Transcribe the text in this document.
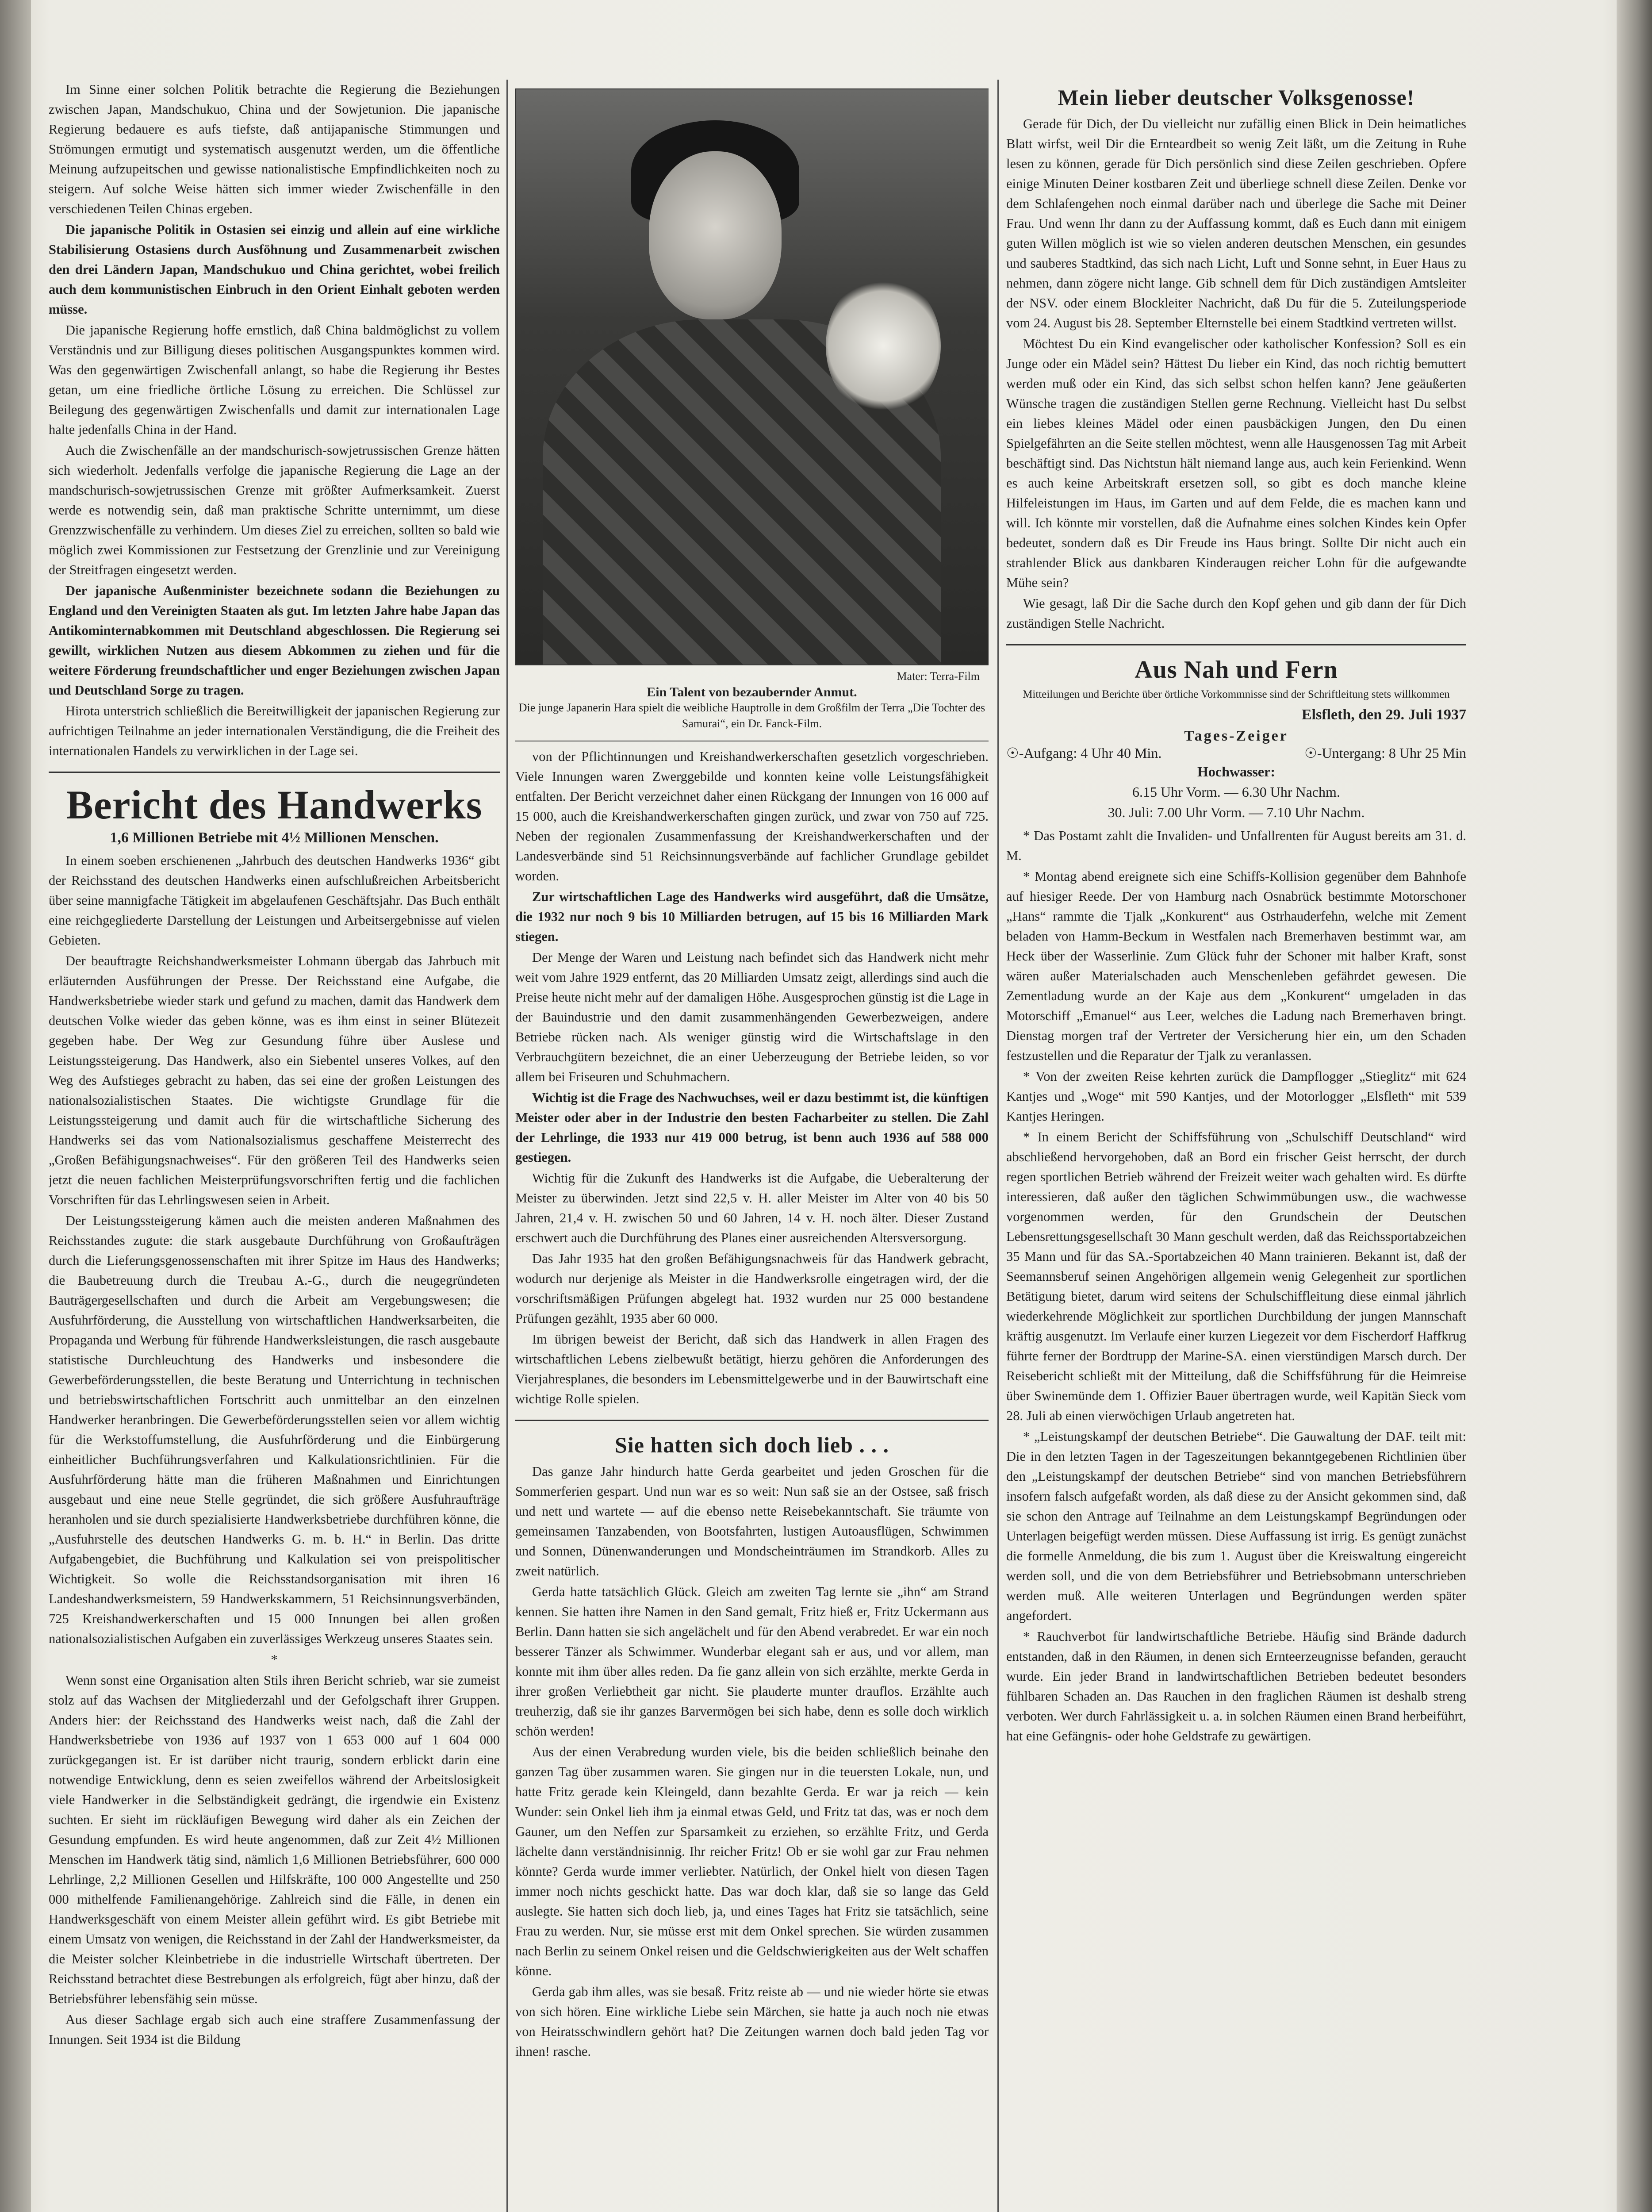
Im Sinne einer solchen Politik betrachte die Regierung die Beziehungen zwischen Japan, Mandschukuo, China und der Sowjetunion. Die japanische Regierung bedauere es aufs tiefste, daß antijapanische Stimmungen und Strömungen ermutigt und systematisch ausgenutzt werden, um die öffentliche Meinung aufzupeitschen und gewisse nationalistische Empfindlichkeiten noch zu steigern. Auf solche Weise hätten sich immer wieder Zwischenfälle in den verschiedenen Teilen Chinas ergeben.

Die japanische Politik in Ostasien sei einzig und allein auf eine wirkliche Stabilisierung Ostasiens durch Ausföhnung und Zusammenarbeit zwischen den drei Ländern Japan, Mandschukuo und China gerichtet, wobei freilich auch dem kommunistischen Einbruch in den Orient Einhalt geboten werden müsse.

Die japanische Regierung hoffe ernstlich, daß China baldmöglichst zu vollem Verständnis und zur Billigung dieses politischen Ausgangspunktes kommen wird. Was den gegenwärtigen Zwischenfall anlangt, so habe die Regierung ihr Bestes getan, um eine friedliche örtliche Lösung zu erreichen. Die Schlüssel zur Beilegung des gegenwärtigen Zwischenfalls und damit zur internationalen Lage halte jedenfalls China in der Hand.

Auch die Zwischenfälle an der mandschurisch-sowjetrussischen Grenze hätten sich wiederholt. Jedenfalls verfolge die japanische Regierung die Lage an der mandschurisch-sowjetrussischen Grenze mit größter Aufmerksamkeit. Zuerst werde es notwendig sein, daß man praktische Schritte unternimmt, um diese Grenzzwischenfälle zu verhindern. Um dieses Ziel zu erreichen, sollten so bald wie möglich zwei Kommissionen zur Festsetzung der Grenzlinie und zur Vereinigung der Streitfragen eingesetzt werden.

Der japanische Außenminister bezeichnete sodann die Beziehungen zu England und den Vereinigten Staaten als gut. Im letzten Jahre habe Japan das Antikominternabkommen mit Deutschland abgeschlossen. Die Regierung sei gewillt, wirklichen Nutzen aus diesem Abkommen zu ziehen und für die weitere Förderung freundschaftlicher und enger Beziehungen zwischen Japan und Deutschland Sorge zu tragen.

Hirota unterstrich schließlich die Bereitwilligkeit der japanischen Regierung zur aufrichtigen Teilnahme an jeder internationalen Verständigung, die die Freiheit des internationalen Handels zu verwirklichen in der Lage sei.

Bericht des Handwerks
1,6 Millionen Betriebe mit 4½ Millionen Menschen.

In einem soeben erschienenen „Jahrbuch des deutschen Handwerks 1936“ gibt der Reichsstand des deutschen Handwerks einen aufschlußreichen Arbeitsbericht über seine mannigfache Tätigkeit im abgelaufenen Geschäftsjahr. Das Buch enthält eine reichgegliederte Darstellung der Leistungen und Arbeitsergebnisse auf vielen Gebieten.

Der beauftragte Reichshandwerksmeister Lohmann übergab das Jahrbuch mit erläuternden Ausführungen der Presse. Der Reichsstand eine Aufgabe, die Handwerksbetriebe wieder stark und gefund zu machen, damit das Handwerk dem deutschen Volke wieder das geben könne, was es ihm einst in seiner Blütezeit gegeben habe. Der Weg zur Gesundung führe über Auslese und Leistungssteigerung. Das Handwerk, also ein Siebentel unseres Volkes, auf den Weg des Aufstieges gebracht zu haben, das sei eine der großen Leistungen des nationalsozialistischen Staates. Die wichtigste Grundlage für die Leistungssteigerung und damit auch für die wirtschaftliche Sicherung des Handwerks sei das vom Nationalsozialismus geschaffene Meisterrecht des „Großen Befähigungsnachweises“. Für den größeren Teil des Handwerks seien jetzt die neuen fachlichen Meisterprüfungsvorschriften fertig und die fachlichen Vorschriften für das Lehrlingswesen seien in Arbeit.

Der Leistungssteigerung kämen auch die meisten anderen Maßnahmen des Reichsstandes zugute: die stark ausgebaute Durchführung von Großaufträgen durch die Lieferungsgenossenschaften mit ihrer Spitze im Haus des Handwerks; die Baubetreuung durch die Treubau A.-G., durch die neugegründeten Bauträgergesellschaften und durch die Arbeit am Vergebungswesen; die Ausfuhrförderung, die Ausstellung von wirtschaftlichen Handwerksarbeiten, die Propaganda und Werbung für führende Handwerksleistungen, die rasch ausgebaute statistische Durchleuchtung des Handwerks und insbesondere die Gewerbeförderungsstellen, die beste Beratung und Unterrichtung in technischen und betriebswirtschaftlichen Fortschritt auch unmittelbar an den einzelnen Handwerker heranbringen. Die Gewerbeförderungsstellen seien vor allem wichtig für die Werkstoffumstellung, die Ausfuhrförderung und die Einbürgerung einheitlicher Buchführungsverfahren und Kalkulationsrichtlinien. Für die Ausfuhrförderung hätte man die früheren Maßnahmen und Einrichtungen ausgebaut und eine neue Stelle gegründet, die sich größere Ausfuhraufträge heranholen und sie durch spezialisierte Handwerksbetriebe durchführen könne, die „Ausfuhrstelle des deutschen Handwerks G. m. b. H.“ in Berlin. Das dritte Aufgabengebiet, die Buchführung und Kalkulation sei von preispolitischer Wichtigkeit. So wolle die Reichsstandsorganisation mit ihren 16 Landeshandwerksmeistern, 59 Handwerkskammern, 51 Reichsinnungsverbänden, 725 Kreishandwerkerschaften und 15 000 Innungen bei allen großen nationalsozialistischen Aufgaben ein zuverlässiges Werkzeug unseres Staates sein.

*

Wenn sonst eine Organisation alten Stils ihren Bericht schrieb, war sie zumeist stolz auf das Wachsen der Mitgliederzahl und der Gefolgschaft ihrer Gruppen. Anders hier: der Reichsstand des Handwerks weist nach, daß die Zahl der Handwerksbetriebe von 1936 auf 1937 von 1 653 000 auf 1 604 000 zurückgegangen ist. Er ist darüber nicht traurig, sondern erblickt darin eine notwendige Entwicklung, denn es seien zweifellos während der Arbeitslosigkeit viele Handwerker in die Selbständigkeit gedrängt, die irgendwie ein Existenz suchten. Er sieht im rückläufigen Bewegung wird daher als ein Zeichen der Gesundung empfunden. Es wird heute angenommen, daß zur Zeit 4½ Millionen Menschen im Handwerk tätig sind, nämlich 1,6 Millionen Betriebsführer, 600 000 Lehrlinge, 2,2 Millionen Gesellen und Hilfskräfte, 100 000 Angestellte und 250 000 mithelfende Familienangehörige. Zahlreich sind die Fälle, in denen ein Handwerksgeschäft von einem Meister allein geführt wird. Es gibt Betriebe mit einem Umsatz von wenigen, die Reichsstand in der Zahl der Handwerksmeister, da die Meister solcher Kleinbetriebe in die industrielle Wirtschaft übertreten. Der Reichsstand betrachtet diese Bestrebungen als erfolgreich, fügt aber hinzu, daß der Betriebsführer lebensfähig sein müsse.

Aus dieser Sachlage ergab sich auch eine straffere Zusammenfassung der Innungen. Seit 1934 ist die Bildung

Mater: Terra-Film
Ein Talent von bezaubernder Anmut.
Die junge Japanerin Hara spielt die weibliche Hauptrolle in dem Großfilm der Terra „Die Tochter des Samurai“, ein Dr. Fanck-Film.

von der Pflichtinnungen und Kreishandwerkerschaften gesetzlich vorgeschrieben. Viele Innungen waren Zwerggebilde und konnten keine volle Leistungsfähigkeit entfalten. Der Bericht verzeichnet daher einen Rückgang der Innungen von 16 000 auf 15 000, auch die Kreishandwerkerschaften gingen zurück, und zwar von 750 auf 725. Neben der regionalen Zusammenfassung der Kreishandwerkerschaften und der Landesverbände sind 51 Reichsinnungsverbände auf fachlicher Grundlage gebildet worden.

Zur wirtschaftlichen Lage des Handwerks wird ausgeführt, daß die Umsätze, die 1932 nur noch 9 bis 10 Milliarden betrugen, auf 15 bis 16 Milliarden Mark stiegen.

Der Menge der Waren und Leistung nach befindet sich das Handwerk nicht mehr weit vom Jahre 1929 entfernt, das 20 Milliarden Umsatz zeigt, allerdings sind auch die Preise heute nicht mehr auf der damaligen Höhe. Ausgesprochen günstig ist die Lage in der Bauindustrie und den damit zusammenhängenden Gewerbezweigen, andere Betriebe rücken nach. Als weniger günstig wird die Wirtschaftslage in den Verbrauchgütern bezeichnet, die an einer Ueberzeugung der Betriebe leiden, so vor allem bei Friseuren und Schuhmachern.

Wichtig ist die Frage des Nachwuchses, weil er dazu bestimmt ist, die künftigen Meister oder aber in der Industrie den besten Facharbeiter zu stellen. Die Zahl der Lehrlinge, die 1933 nur 419 000 betrug, ist benn auch 1936 auf 588 000 gestiegen.

Wichtig für die Zukunft des Handwerks ist die Aufgabe, die Ueberalterung der Meister zu überwinden. Jetzt sind 22,5 v. H. aller Meister im Alter von 40 bis 50 Jahren, 21,4 v. H. zwischen 50 und 60 Jahren, 14 v. H. noch älter. Dieser Zustand erschwert auch die Durchführung des Planes einer ausreichenden Altersversorgung.

Das Jahr 1935 hat den großen Befähigungsnachweis für das Handwerk gebracht, wodurch nur derjenige als Meister in die Handwerksrolle eingetragen wird, der die vorschriftsmäßigen Prüfungen abgelegt hat. 1932 wurden nur 25 000 bestandene Prüfungen gezählt, 1935 aber 60 000.

Im übrigen beweist der Bericht, daß sich das Handwerk in allen Fragen des wirtschaftlichen Lebens zielbewußt betätigt, hierzu gehören die Anforderungen des Vierjahresplanes, die besonders im Lebensmittelgewerbe und in der Bauwirtschaft eine wichtige Rolle spielen.

Sie hatten sich doch lieb . . .

Das ganze Jahr hindurch hatte Gerda gearbeitet und jeden Groschen für die Sommerferien gespart. Und nun war es so weit: Nun saß sie an der Ostsee, saß frisch und nett und wartete — auf die ebenso nette Reisebekanntschaft. Sie träumte von gemeinsamen Tanzabenden, von Bootsfahrten, lustigen Autoausflügen, Schwimmen und Sonnen, Dünenwanderungen und Mondscheinträumen im Strandkorb. Alles zu zweit natürlich.

Gerda hatte tatsächlich Glück. Gleich am zweiten Tag lernte sie „ihn“ am Strand kennen. Sie hatten ihre Namen in den Sand gemalt, Fritz hieß er, Fritz Uckermann aus Berlin. Dann hatten sie sich angelächelt und für den Abend verabredet. Er war ein noch besserer Tänzer als Schwimmer. Wunderbar elegant sah er aus, und vor allem, man konnte mit ihm über alles reden. Da fie ganz allein von sich erzählte, merkte Gerda in ihrer großen Verliebtheit gar nicht. Sie plauderte munter drauflos. Erzählte auch treuherzig, daß sie ihr ganzes Barvermögen bei sich habe, denn es solle doch wirklich schön werden!

Aus der einen Verabredung wurden viele, bis die beiden schließlich beinahe den ganzen Tag über zusammen waren. Sie gingen nur in die teuersten Lokale, nun, und hatte Fritz gerade kein Kleingeld, dann bezahlte Gerda. Er war ja reich — kein Wunder: sein Onkel lieh ihm ja einmal etwas Geld, und Fritz tat das, was er noch dem Gauner, um den Neffen zur Sparsamkeit zu erziehen, so erzählte Fritz, und Gerda lächelte dann verständnisinnig. Ihr reicher Fritz! Ob er sie wohl gar zur Frau nehmen könnte? Gerda wurde immer verliebter. Natürlich, der Onkel hielt von diesen Tagen immer noch nichts geschickt hatte. Das war doch klar, daß sie so lange das Geld auslegte. Sie hatten sich doch lieb, ja, und eines Tages hat Fritz sie tatsächlich, seine Frau zu werden. Nur, sie müsse erst mit dem Onkel sprechen. Sie würden zusammen nach Berlin zu seinem Onkel reisen und die Geldschwierigkeiten aus der Welt schaffen könne.

Gerda gab ihm alles, was sie besaß. Fritz reiste ab — und nie wieder hörte sie etwas von sich hören. Eine wirkliche Liebe sein Märchen, sie hatte ja auch noch nie etwas von Heiratsschwindlern gehört hat? Die Zeitungen warnen doch bald jeden Tag vor ihnen! rasche.

Mein lieber deutscher Volksgenosse!

Gerade für Dich, der Du vielleicht nur zufällig einen Blick in Dein heimatliches Blatt wirfst, weil Dir die Ernteardbeit so wenig Zeit läßt, um die Zeitung in Ruhe lesen zu können, gerade für Dich persönlich sind diese Zeilen geschrieben. Opfere einige Minuten Deiner kostbaren Zeit und überliege schnell diese Zeilen. Denke vor dem Schlafengehen noch einmal darüber nach und überlege die Sache mit Deiner Frau. Und wenn Ihr dann zu der Auffassung kommt, daß es Euch dann mit einigem guten Willen möglich ist wie so vielen anderen deutschen Menschen, ein gesundes und sauberes Stadtkind, das sich nach Licht, Luft und Sonne sehnt, in Euer Haus zu nehmen, dann zögere nicht lange. Gib schnell dem für Dich zuständigen Amtsleiter der NSV. oder einem Blockleiter Nachricht, daß Du für die 5. Zuteilungsperiode vom 24. August bis 28. September Elternstelle bei einem Stadtkind vertreten willst.

Möchtest Du ein Kind evangelischer oder katholischer Konfession? Soll es ein Junge oder ein Mädel sein? Hättest Du lieber ein Kind, das noch richtig bemuttert werden muß oder ein Kind, das sich selbst schon helfen kann? Jene geäußerten Wünsche tragen die zuständigen Stellen gerne Rechnung. Vielleicht hast Du selbst ein liebes kleines Mädel oder einen pausbäckigen Jungen, den Du einen Spielgefährten an die Seite stellen möchtest, wenn alle Hausgenossen Tag mit Arbeit beschäftigt sind. Das Nichtstun hält niemand lange aus, auch kein Ferienkind. Wenn es auch keine Arbeitskraft ersetzen soll, so gibt es doch manche kleine Hilfeleistungen im Haus, im Garten und auf dem Felde, die es machen kann und will. Ich könnte mir vorstellen, daß die Aufnahme eines solchen Kindes kein Opfer bedeutet, sondern daß es Dir Freude ins Haus bringt. Sollte Dir nicht auch ein strahlender Blick aus dankbaren Kinderaugen reicher Lohn für die aufgewandte Mühe sein?

Wie gesagt, laß Dir die Sache durch den Kopf gehen und gib dann der für Dich zuständigen Stelle Nachricht.

Aus Nah und Fern
Mitteilungen und Berichte über örtliche Vorkommnisse sind der Schriftleitung stets willkommen
Elsfleth, den 29. Juli 1937
Tages-Zeiger
☉-Aufgang: 4 Uhr 40 Min.	☉-Untergang: 8 Uhr 25 Min
Hochwasser:
6.15 Uhr Vorm. — 6.30 Uhr Nachm.
30. Juli: 7.00 Uhr Vorm. — 7.10 Uhr Nachm.

* Das Postamt zahlt die Invaliden- und Unfallrenten für August bereits am 31. d. M.

* Montag abend ereignete sich eine Schiffs-Kollision gegenüber dem Bahnhofe auf hiesiger Reede. Der von Hamburg nach Osnabrück bestimmte Motorschoner „Hans“ rammte die Tjalk „Konkurent“ aus Ostrhauderfehn, welche mit Zement beladen von Hamm-Beckum in Westfalen nach Bremerhaven bestimmt war, am Heck über der Wasserlinie. Zum Glück fuhr der Schoner mit halber Kraft, sonst wären außer Materialschaden auch Menschenleben gefährdet gewesen. Die Zementladung wurde an der Kaje aus dem „Konkurent“ umgeladen in das Motorschiff „Emanuel“ aus Leer, welches die Ladung nach Bremerhaven bringt. Dienstag morgen traf der Vertreter der Versicherung hier ein, um den Schaden festzustellen und die Reparatur der Tjalk zu veranlassen.

* Von der zweiten Reise kehrten zurück die Dampflogger „Stieglitz“ mit 624 Kantjes und „Woge“ mit 590 Kantjes, und der Motorlogger „Elsfleth“ mit 539 Kantjes Heringen.

* In einem Bericht der Schiffsführung von „Schulschiff Deutschland“ wird abschließend hervorgehoben, daß an Bord ein frischer Geist herrscht, der durch regen sportlichen Betrieb während der Freizeit weiter wach gehalten wird. Es dürfte interessieren, daß außer den täglichen Schwimmübungen usw., die wachwesse vorgenommen werden, für den Grundschein der Deutschen Lebensrettungsgesellschaft 30 Mann geschult werden, daß das Reichssportabzeichen 35 Mann und für das SA.-Sportabzeichen 40 Mann trainieren. Bekannt ist, daß der Seemannsberuf seinen Angehörigen allgemein wenig Gelegenheit zur sportlichen Betätigung bietet, darum wird seitens der Schulschiffleitung diese einmal jährlich wiederkehrende Möglichkeit zur sportlichen Durchbildung der jungen Mannschaft kräftig ausgenutzt. Im Verlaufe einer kurzen Liegezeit vor dem Fischerdorf Haffkrug führte ferner der Bordtrupp der Marine-SA. einen vierstündigen Marsch durch. Der Reisebericht schließt mit der Mitteilung, daß die Schiffsführung für die Heimreise über Swinemünde dem 1. Offizier Bauer übertragen wurde, weil Kapitän Sieck vom 28. Juli ab einen vierwöchigen Urlaub angetreten hat.

* „Leistungskampf der deutschen Betriebe“. Die Gauwaltung der DAF. teilt mit: Die in den letzten Tagen in der Tageszeitungen bekanntgegebenen Richtlinien über den „Leistungskampf der deutschen Betriebe“ sind von manchen Betriebsführern insofern falsch aufgefaßt worden, als daß diese zu der Ansicht gekommen sind, daß sie schon den Antrage auf Teilnahme an dem Leistungskampf Begründungen oder Unterlagen beigefügt werden müssen. Diese Auffassung ist irrig. Es genügt zunächst die formelle Anmeldung, die bis zum 1. August über die Kreiswaltung eingereicht werden soll, und die von dem Betriebsführer und Betriebsobmann unterschrieben werden muß. Alle weiteren Unterlagen und Begründungen werden später angefordert.

* Rauchverbot für landwirtschaftliche Betriebe. Häufig sind Brände dadurch entstanden, daß in den Räumen, in denen sich Ernteerzeugnisse befanden, geraucht wurde. Ein jeder Brand in landwirtschaftlichen Betrieben bedeutet besonders fühlbaren Schaden an. Das Rauchen in den fraglichen Räumen ist deshalb streng verboten. Wer durch Fahrlässigkeit u. a. in solchen Räumen einen Brand herbeiführt, hat eine Gefängnis- oder hohe Geldstrafe zu gewärtigen.
